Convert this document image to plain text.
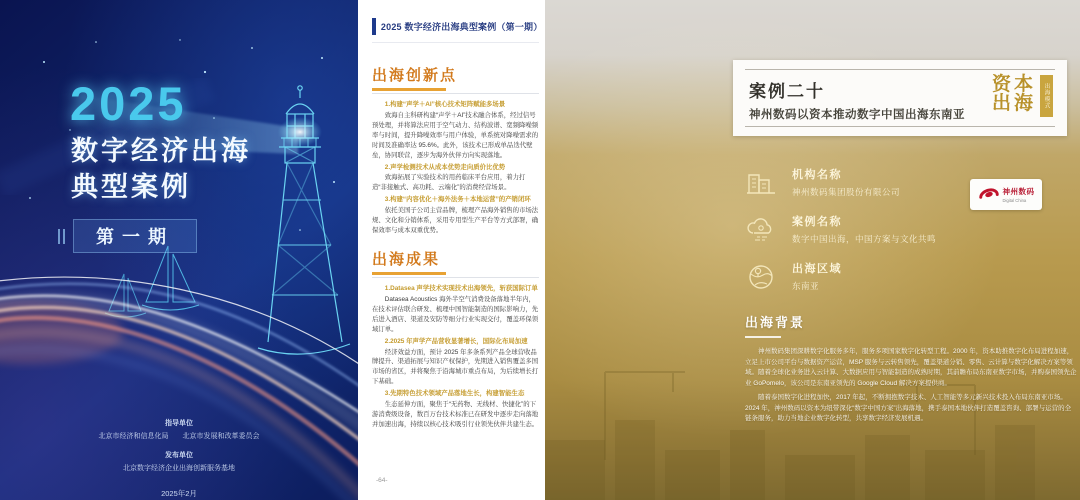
2025
数字经济出海
典型案例
第一期
指导单位
北京市经济和信息化局　　北京市发展和改革委员会
发布单位
北京数字经济企业出海创新服务基地
2025年2月
2025 数字经济出海典型案例（第一期）
出海创新点
1.构建“声学＋AI”核心技术矩阵赋能多场景
致海自主科研构建“声学＋AI”技术融合体系，经过信号预处理，并将算法应用于空气动力、结构波谱、宽频降噪频率与时间，提升降噪效率与用户体验，单系统对降噪需求的时间及准确率达 95.6%。此外，该技术已形成单品迭代壁垒，协同联营，逐步为海外伙伴方向实现落地。
2.声学检测技术从成本优势走向质价比优势
致海拓展了实验技术的用药临床平台应用，着力打造“非接触式、高功耗、云端化”的消费经营场景。
3.构建“内容优化＋海外法务＋本地运营”的产销闭环
依托美国子公司主营品牌，梳理产品海外销售的市场法规、文化和分销体系，采用专用型生产平台等方式部署，确保效率与成本双重优势。
出海成果
1.Datasea 声学技术实现技术出海领先，斩获国际订单
Datasea Acoustics 海外半空气消费设备落地半年内，在技术评估联合研发、梳理中国智能制造的国际影响力，先后进入酒店、渠道及安防等细分行业实现交付，覆盖环保领域订单。
2.2025 年声学产品营收显著增长，国际化布局加速
经济效益方面，预计 2025 年多条系列产品全球营收品牌提升、渠道拓展与知识产权保护，先期进入销售覆盖多国市场的省区，并将聚焦于沿海城市重点布局，为后续增长打下基础。
3.先期特色技术领域产品落地生长，构建智能生态
生态延伸方面，聚焦于“无药物、无线材、快捷化”的下游消费级设备，数百万台技术标准已在研发中逐步走向落地并加速出海，持续以核心技术吸引行业领先伙伴共建生态。
-64-
案例二十
神州数码以资本推动数字中国出海东南亚
资本
出海 出海模式
机构名称
神州数码集团股份有限公司
案例名称
数字中国出海，中国方案与文化共鸣
出海区域
东南亚
神州数码
Digital China
出海背景

神州数码集团深耕数字化服务多年，服务多项国家数字化转型工程。2000 年，资本助推数字化布局进程加速，立足上市公司平台与数据资产运营，MSP 服务与云转售领先，覆盖渠道分销、零售、云计算与数字化解决方案等领域。随着全球化业务进入云计算、大数据应用与智能制造的成熟时期，其前瞻布局东南亚数字市场，并购泰国领先企业 GoPomelo，该公司是东南亚领先的 Google Cloud 解决方案提供商。

随着泰国数字化进程加快，2017 年起，不断拥抱数字技术、人工智能等多元新兴技术投入布局东南亚市场。2024 年，神州数码以资本为纽带深化“数字中国方案”出海落地，携手泰国本地伙伴打造覆盖咨询、部署与运营的全链条服务，助力当地企业数字化转型，共享数字经济发展机遇。
